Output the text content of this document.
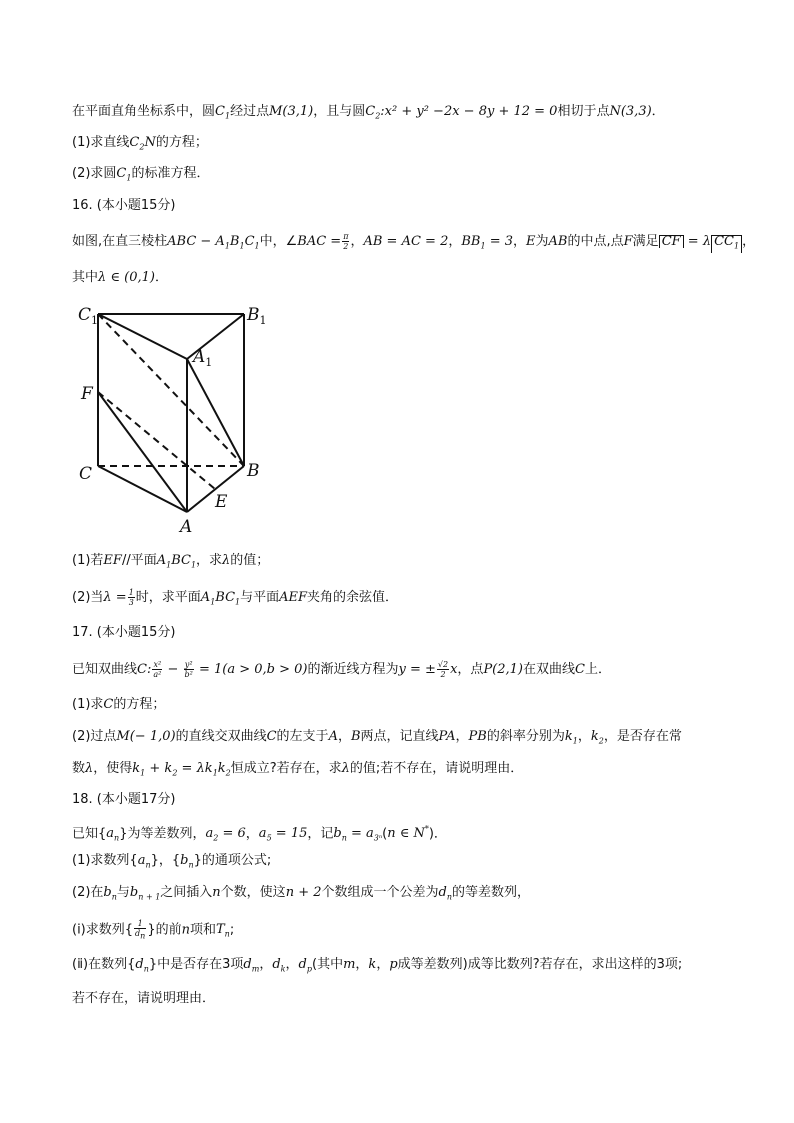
在平面直角坐标系中，圆$C_1$经过点M(3,1)，且与圆$C_2:x^2 + y^2 -2x - 8y + 12 = 0$相切于点N(3,3)．
(1)求直线$C_2N$的方程；
(2)求圆$C_1$的标准方程．
16. (本小题15分)
如图,在直三棱柱ABC − $A_1B_1C_1$中，∠BAC = $\frac{\pi}{2}$ ，AB = AC = 2，$BB_1 = 3$，E为AB的中点,点F满足 CF = λ $CC_1$ ，
其中λ ∈ (0,1)．
$C_1$	$B_1$
$A_1$
F
C	B
E
A
(1)若EF//平面$A_1BC_1$，求λ的值；
(2)当$\lambda = \frac{1}{3}$ 时，求平面$A_1BC_1$与平面AEF夹角的余弦值．
17. (本小题15分)
已知双曲线C: $\frac{\text{x²}}{\text{a²}} - \frac{\text{y²}}{\text{b²}} = 1(a > 0,b > 0)$的渐近线方程为y = ± $\frac{√2}{2}$ x，点P(2,1)在双曲线C上．
(1)求C的方程；
(2)过点M(− 1,0)的直线交双曲线C的左支于A，B两点，记直线PA，PB的斜率分别为$k_1$，$k_2$，是否存在常
数λ，使得$k_1 + k_2 = \lambda k_1k_2$恒成立?若存在，求λ的值;若不存在，请说明理由．
18. (本小题17分)
已知$\{a_n\}$为等差数列，$a_2 = 6$，$a_5 = 15$，记$b_n = a_{3^n}(n$ ∈ N*)．
(1)求数列$\{a_n\}$，$\{b_n\}$的通项公式;
(2)在$b_n$与$b_{n + 1}$之间插入n个数，使这n + 2个数组成一个公差为$d_n$的等差数列，
(ⅰ)求数列{ $\frac{1}{d_n}$ }的前n项和$T_n$;
(ⅱ)在数列$\{d_n\}$中是否存在3项$d_m$，$d_k$，$d_p$(其中m，k，p成等差数列)成等比数列?若存在，求出这样的3项;
若不存在，请说明理由．
